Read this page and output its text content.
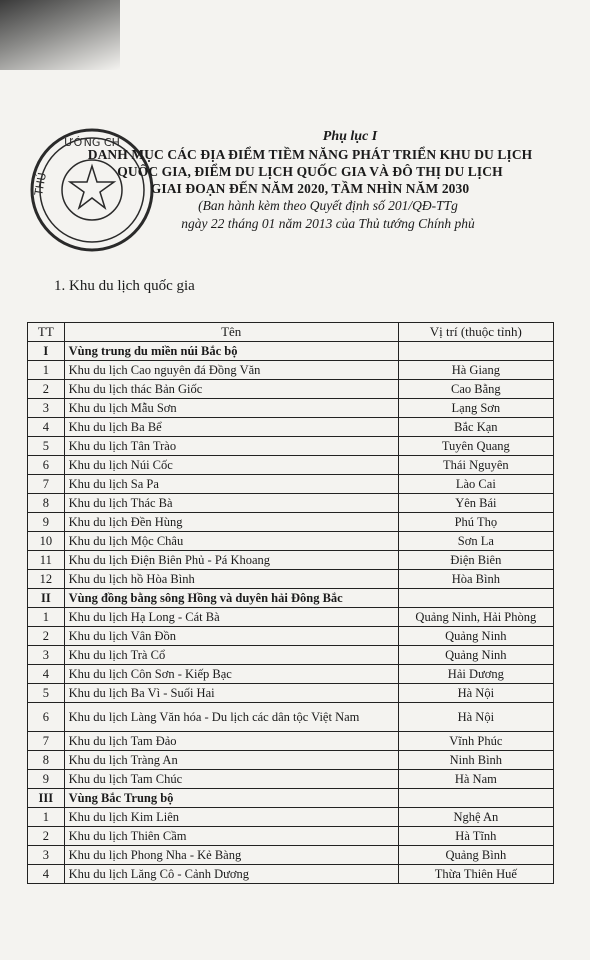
ƯỚNG CH
THỦ
Phụ lục I
DANH MỤC CÁC ĐỊA ĐIỂM TIỀM NĂNG PHÁT TRIỂN KHU DU LỊCH
QUỐC GIA, ĐIỂM DU LỊCH QUỐC GIA VÀ ĐÔ THỊ DU LỊCH
GIAI ĐOẠN ĐẾN NĂM 2020, TẦM NHÌN NĂM 2030
(Ban hành kèm theo Quyết định số 201/QĐ-TTg
ngày 22 tháng 01 năm 2013 của Thủ tướng Chính phủ
1. Khu du lịch quốc gia
TT	Tên	Vị trí (thuộc tỉnh)
I	Vùng trung du miền núi Bắc bộ	
1	Khu du lịch Cao nguyên đá Đồng Văn	Hà Giang
2	Khu du lịch thác Bản Giốc	Cao Bằng
3	Khu du lịch Mẫu Sơn	Lạng Sơn
4	Khu du lịch Ba Bể	Bắc Kạn
5	Khu du lịch Tân Trào	Tuyên Quang
6	Khu du lịch Núi Cốc	Thái Nguyên
7	Khu du lịch Sa Pa	Lào Cai
8	Khu du lịch Thác Bà	Yên Bái
9	Khu du lịch Đền Hùng	Phú Thọ
10	Khu du lịch Mộc Châu	Sơn La
11	Khu du lịch Điện Biên Phủ - Pá Khoang	Điện Biên
12	Khu du lịch hồ Hòa Bình	Hòa Bình
II	Vùng đồng bằng sông Hồng và duyên hải Đông Bắc	
1	Khu du lịch Hạ Long - Cát Bà	Quảng Ninh, Hải Phòng
2	Khu du lịch Vân Đồn	Quảng Ninh
3	Khu du lịch Trà Cổ	Quảng Ninh
4	Khu du lịch Côn Sơn - Kiếp Bạc	Hải Dương
5	Khu du lịch Ba Vì - Suối Hai	Hà Nội
6	Khu du lịch Làng Văn hóa - Du lịch các dân tộc Việt Nam	Hà Nội
7	Khu du lịch Tam Đảo	Vĩnh Phúc
8	Khu du lịch Tràng An	Ninh Bình
9	Khu du lịch Tam Chúc	Hà Nam
III	Vùng Bắc Trung bộ	
1	Khu du lịch Kim Liên	Nghệ An
2	Khu du lịch Thiên Cầm	Hà Tĩnh
3	Khu du lịch Phong Nha - Kẻ Bàng	Quảng Bình
4	Khu du lịch Lăng Cô - Cảnh Dương	Thừa Thiên Huế
